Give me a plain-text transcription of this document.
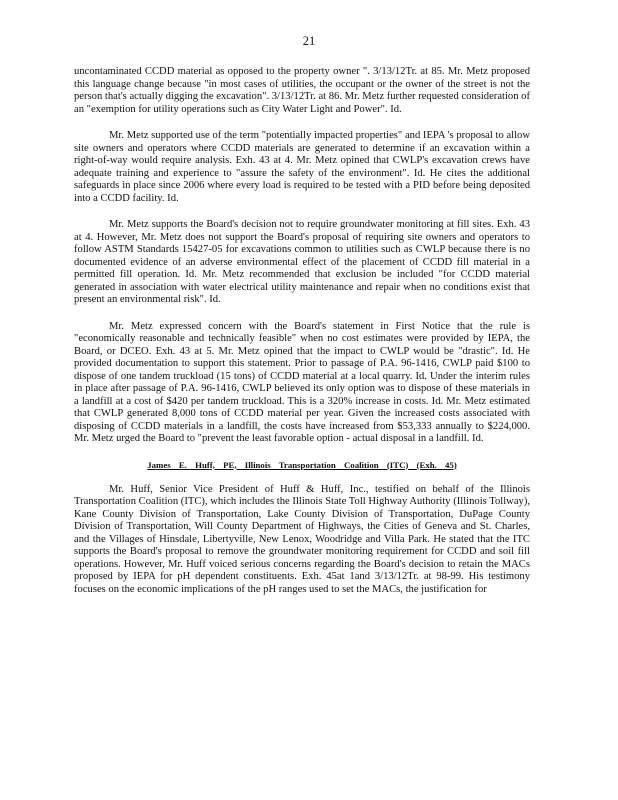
21

uncontaminated CCDD material as opposed to the property owner ". 3/13/12Tr. at 85. Mr. Metz proposed this language change because "in most cases of utilities, the occupant or the owner of the street is not the person that's actually digging the excavation". 3/13/12Tr. at 86. Mr. Metz further requested consideration of an "exemption for utility operations such as City Water Light and Power". Id.

Mr. Metz supported use of the term "potentially impacted properties" and IEPA 's proposal to allow site owners and operators where CCDD materials are generated to determine if an excavation within a right-of-way would require analysis. Exh. 43 at 4. Mr. Metz opined that CWLP's excavation crews have adequate training and experience to "assure the safety of the environment". Id. He cites the additional safeguards in place since 2006 where every load is required to be tested with a PID before being deposited into a CCDD facility. Id.

Mr. Metz supports the Board's decision not to require groundwater monitoring at fill sites. Exh. 43 at 4. However, Mr. Metz does not support the Board's proposal of requiring site owners and operators to follow ASTM Standards 15427-05 for excavations common to utilities such as CWLP because there is no documented evidence of an adverse environmental effect of the placement of CCDD fill material in a permitted fill operation. Id. Mr. Metz recommended that exclusion be included "for CCDD material generated in association with water electrical utility maintenance and repair when no conditions exist that present an environmental risk". Id.

Mr. Metz expressed concern with the Board's statement in First Notice that the rule is "economically reasonable and technically feasible" when no cost estimates were provided by IEPA, the Board, or DCEO. Exh. 43 at 5. Mr. Metz opined that the impact to CWLP would be "drastic". Id. He provided documentation to support this statement. Prior to passage of P.A. 96-1416, CWLP paid $100 to dispose of one tandem truckload (15 tons) of CCDD material at a local quarry. Id. Under the interim rules in place after passage of P.A. 96-1416, CWLP believed its only option was to dispose of these materials in a landfill at a cost of $420 per tandem truckload. This is a 320% increase in costs. Id. Mr. Metz estimated that CWLP generated 8,000 tons of CCDD material per year. Given the increased costs associated with disposing of CCDD materials in a landfill, the costs have increased from $53,333 annually to $224,000. Mr. Metz urged the Board to "prevent the least favorable option - actual disposal in a landfill. Id.

James E. Huff, PE, Illinois Transportation Coalition (ITC) (Exh. 45)

Mr. Huff, Senior Vice President of Huff & Huff, Inc., testified on behalf of the Illinois Transportation Coalition (ITC), which includes the Illinois State Toll Highway Authority (Illinois Tollway), Kane County Division of Transportation, Lake County Division of Transportation, DuPage County Division of Transportation, Will County Department of Highways, the Cities of Geneva and St. Charles, and the Villages of Hinsdale, Libertyville, New Lenox, Woodridge and Villa Park. He stated that the ITC supports the Board's proposal to remove the groundwater monitoring requirement for CCDD and soil fill operations. However, Mr. Huff voiced serious concerns regarding the Board's decision to retain the MACs proposed by IEPA for pH dependent constituents. Exh. 45at 1and 3/13/12Tr. at 98-99. His testimony focuses on the economic implications of the pH ranges used to set the MACs, the justification for
